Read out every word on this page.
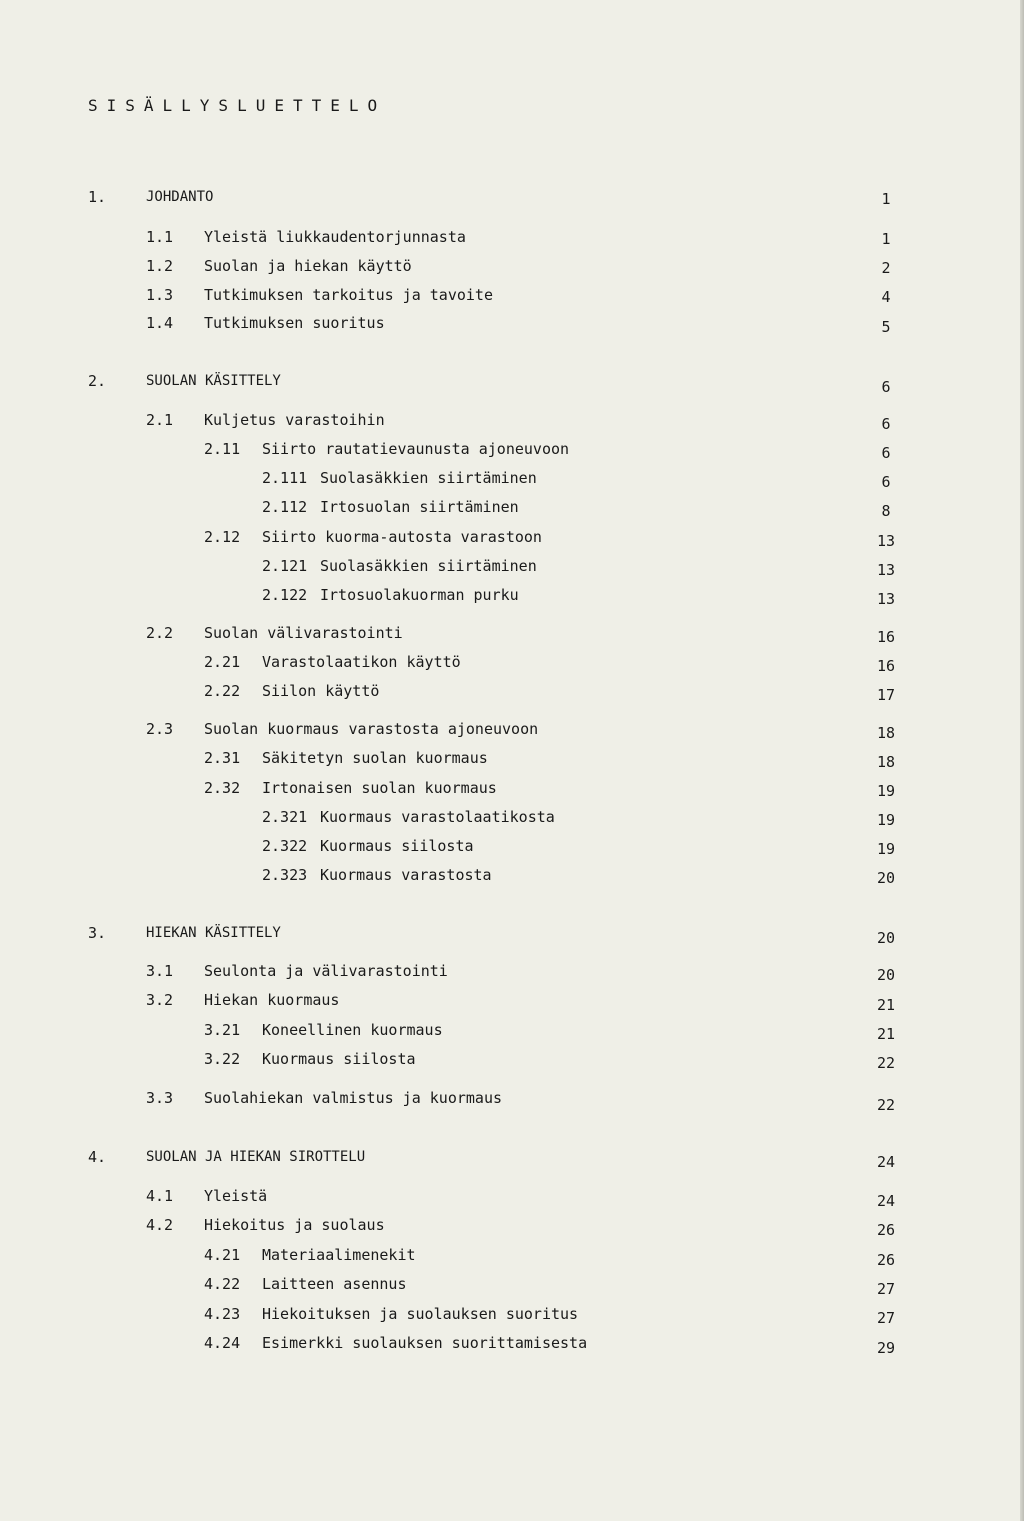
SISÄLLYSLUETTELO
1.	JOHDANTO	1
1.1 Yleistä liukkaudentorjunnasta	1
1.2 Suolan ja hiekan käyttö	2
1.3 Tutkimuksen tarkoitus ja tavoite	4
1.4 Tutkimuksen suoritus	5
2.	SUOLAN KÄSITTELY	6
2.1 Kuljetus varastoihin	6
2.11 Siirto rautatievaunusta ajoneuvoon	6
2.111 Suolasäkkien siirtäminen	6
2.112 Irtosuolan siirtäminen	8
2.12 Siirto kuorma-autosta varastoon	13
2.121 Suolasäkkien siirtäminen	13
2.122 Irtosuolakuorman purku	13
2.2 Suolan välivarastointi	16
2.21 Varastolaatikon käyttö	16
2.22 Siilon käyttö	17
2.3 Suolan kuormaus varastosta ajoneuvoon	18
2.31 Säkitetyn suolan kuormaus	18
2.32 Irtonaisen suolan kuormaus	19
2.321 Kuormaus varastolaatikosta	19
2.322 Kuormaus siilosta	19
2.323 Kuormaus varastosta	20
3.	HIEKAN KÄSITTELY	20
3.1 Seulonta ja välivarastointi	20
3.2 Hiekan kuormaus	21
3.21 Koneellinen kuormaus	21
3.22 Kuormaus siilosta	22
3.3 Suolahiekan valmistus ja kuormaus	22
4.	SUOLAN JA HIEKAN SIROTTELU	24
4.1 Yleistä	24
4.2 Hiekoitus ja suolaus	26
4.21 Materiaalimenekit	26
4.22 Laitteen asennus	27
4.23 Hiekoituksen ja suolauksen suoritus	27
4.24 Esimerkki suolauksen suorittamisesta	29
